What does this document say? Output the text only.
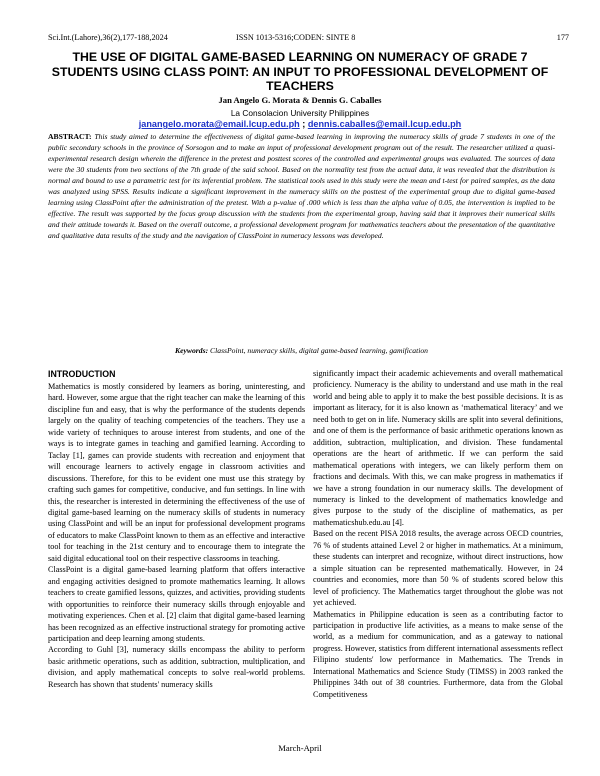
Sci.Int.(Lahore),36(2),177-188,2024	ISSN 1013-5316;CODEN: SINTE 8	177
THE USE OF DIGITAL GAME-BASED LEARNING ON NUMERACY OF GRADE 7 STUDENTS USING CLASS POINT: AN INPUT TO PROFESSIONAL DEVELOPMENT OF TEACHERS
Jan Angelo G. Morata & Dennis G. Caballes
La Consolacion University Philippines
janangelo.morata@email.lcup.edu.ph ; dennis.caballes@email.lcup.edu.ph
ABSTRACT: This study aimed to determine the effectiveness of digital game-based learning in improving the numeracy skills of grade 7 students in one of the public secondary schools in the province of Sorsogon and to make an input of professional development program out of the result. The researcher utilized a quasi-experimental research design wherein the difference in the pretest and posttest scores of the controlled and experimental groups was evaluated. The sources of data were the 30 students from two sections of the 7th grade of the said school. Based on the normality test from the actual data, it was revealed that the distribution is normal and bound to use a parametric test for its inferential problem. The statistical tools used in this study were the mean and t-test for paired samples, as the data was analyzed using SPSS. Results indicate a significant improvement in the numeracy skills on the posttest of the experimental group due to digital game-based learning using ClassPoint after the administration of the pretest. With a p-value of .000 which is less than the alpha value of 0.05, the intervention is implied to be effective. The result was supported by the focus group discussion with the students from the experimental group, having said that it improves their numerical skills and their attitude towards it. Based on the overall outcome, a professional development program for mathematics teachers about the presentation of the quantitative and qualitative data results of the study and the navigation of ClassPoint in numeracy lessons was developed.
Keywords: ClassPoint, numeracy skills, digital game-based learning, gamification
INTRODUCTION

Mathematics is mostly considered by learners as boring, uninteresting, and hard. However, some argue that the right teacher can make the learning of this discipline fun and easy, that is why the performance of the students depends largely on the quality of teaching competencies of the teachers. They use a wide variety of techniques to arouse interest from students, and one of the ways is to integrate games in teaching and gamified learning. According to Taclay [1], games can provide students with recreation and enjoyment that will encourage learners to actively engage in classroom activities and discussions. Therefore, for this to be evident one must use this strategy by crafting such games for competitive, conducive, and fun settings. In line with this, the researcher is interested in determining the effectiveness of the use of digital game-based learning on the numeracy skills of students in numeracy using ClassPoint and will be an input for professional development programs of educators to make ClassPoint known to them as an effective and interactive tool for teaching in the 21st century and to encourage them to integrate the said digital educational tool on their respective classrooms in teaching.

ClassPoint is a digital game-based learning platform that offers interactive and engaging activities designed to promote mathematics learning. It allows teachers to create gamified lessons, quizzes, and activities, providing students with opportunities to reinforce their numeracy skills through enjoyable and motivating experiences. Chen et al. [2] claim that digital game-based learning has been recognized as an effective instructional strategy for promoting active participation and deep learning among students.

According to Guhl [3], numeracy skills encompass the ability to perform basic arithmetic operations, such as addition, subtraction, multiplication, and division, and apply mathematical concepts to solve real-world problems. Research has shown that students' numeracy skills

significantly impact their academic achievements and overall mathematical proficiency. Numeracy is the ability to understand and use math in the real world and being able to apply it to make the best possible decisions. It is as important as literacy, for it is also known as ‘mathematical literacy’ and we need both to get on in life. Numeracy skills are split into several definitions, and one of them is the performance of basic arithmetic operations known as addition, subtraction, multiplication, and division. These fundamental operations are the heart of arithmetic. If we can perform the said mathematical operations with integers, we can likely perform them on fractions and decimals. With this, we can make progress in mathematics if we have a strong foundation in our numeracy skills. The development of numeracy is linked to the development of mathematics knowledge and gives purpose to the study of the discipline of mathematics, as per mathematicshub.edu.au [4].

Based on the recent PISA 2018 results, the average across OECD countries, 76 % of students attained Level 2 or higher in mathematics. At a minimum, these students can interpret and recognize, without direct instructions, how a simple situation can be represented mathematically. However, in 24 countries and economies, more than 50 % of students scored below this level of proficiency. The Mathematics target throughout the globe was not yet achieved.

Mathematics in Philippine education is seen as a contributing factor to participation in productive life activities, as a means to make sense of the world, as a medium for communication, and as a gateway to national progress. However, statistics from different international assessments reflect Filipino students' low performance in Mathematics. The Trends in International Mathematics and Science Study (TIMSS) in 2003 ranked the Philippines 34th out of 38 countries. Furthermore, data from the Global Competitiveness

March-April
